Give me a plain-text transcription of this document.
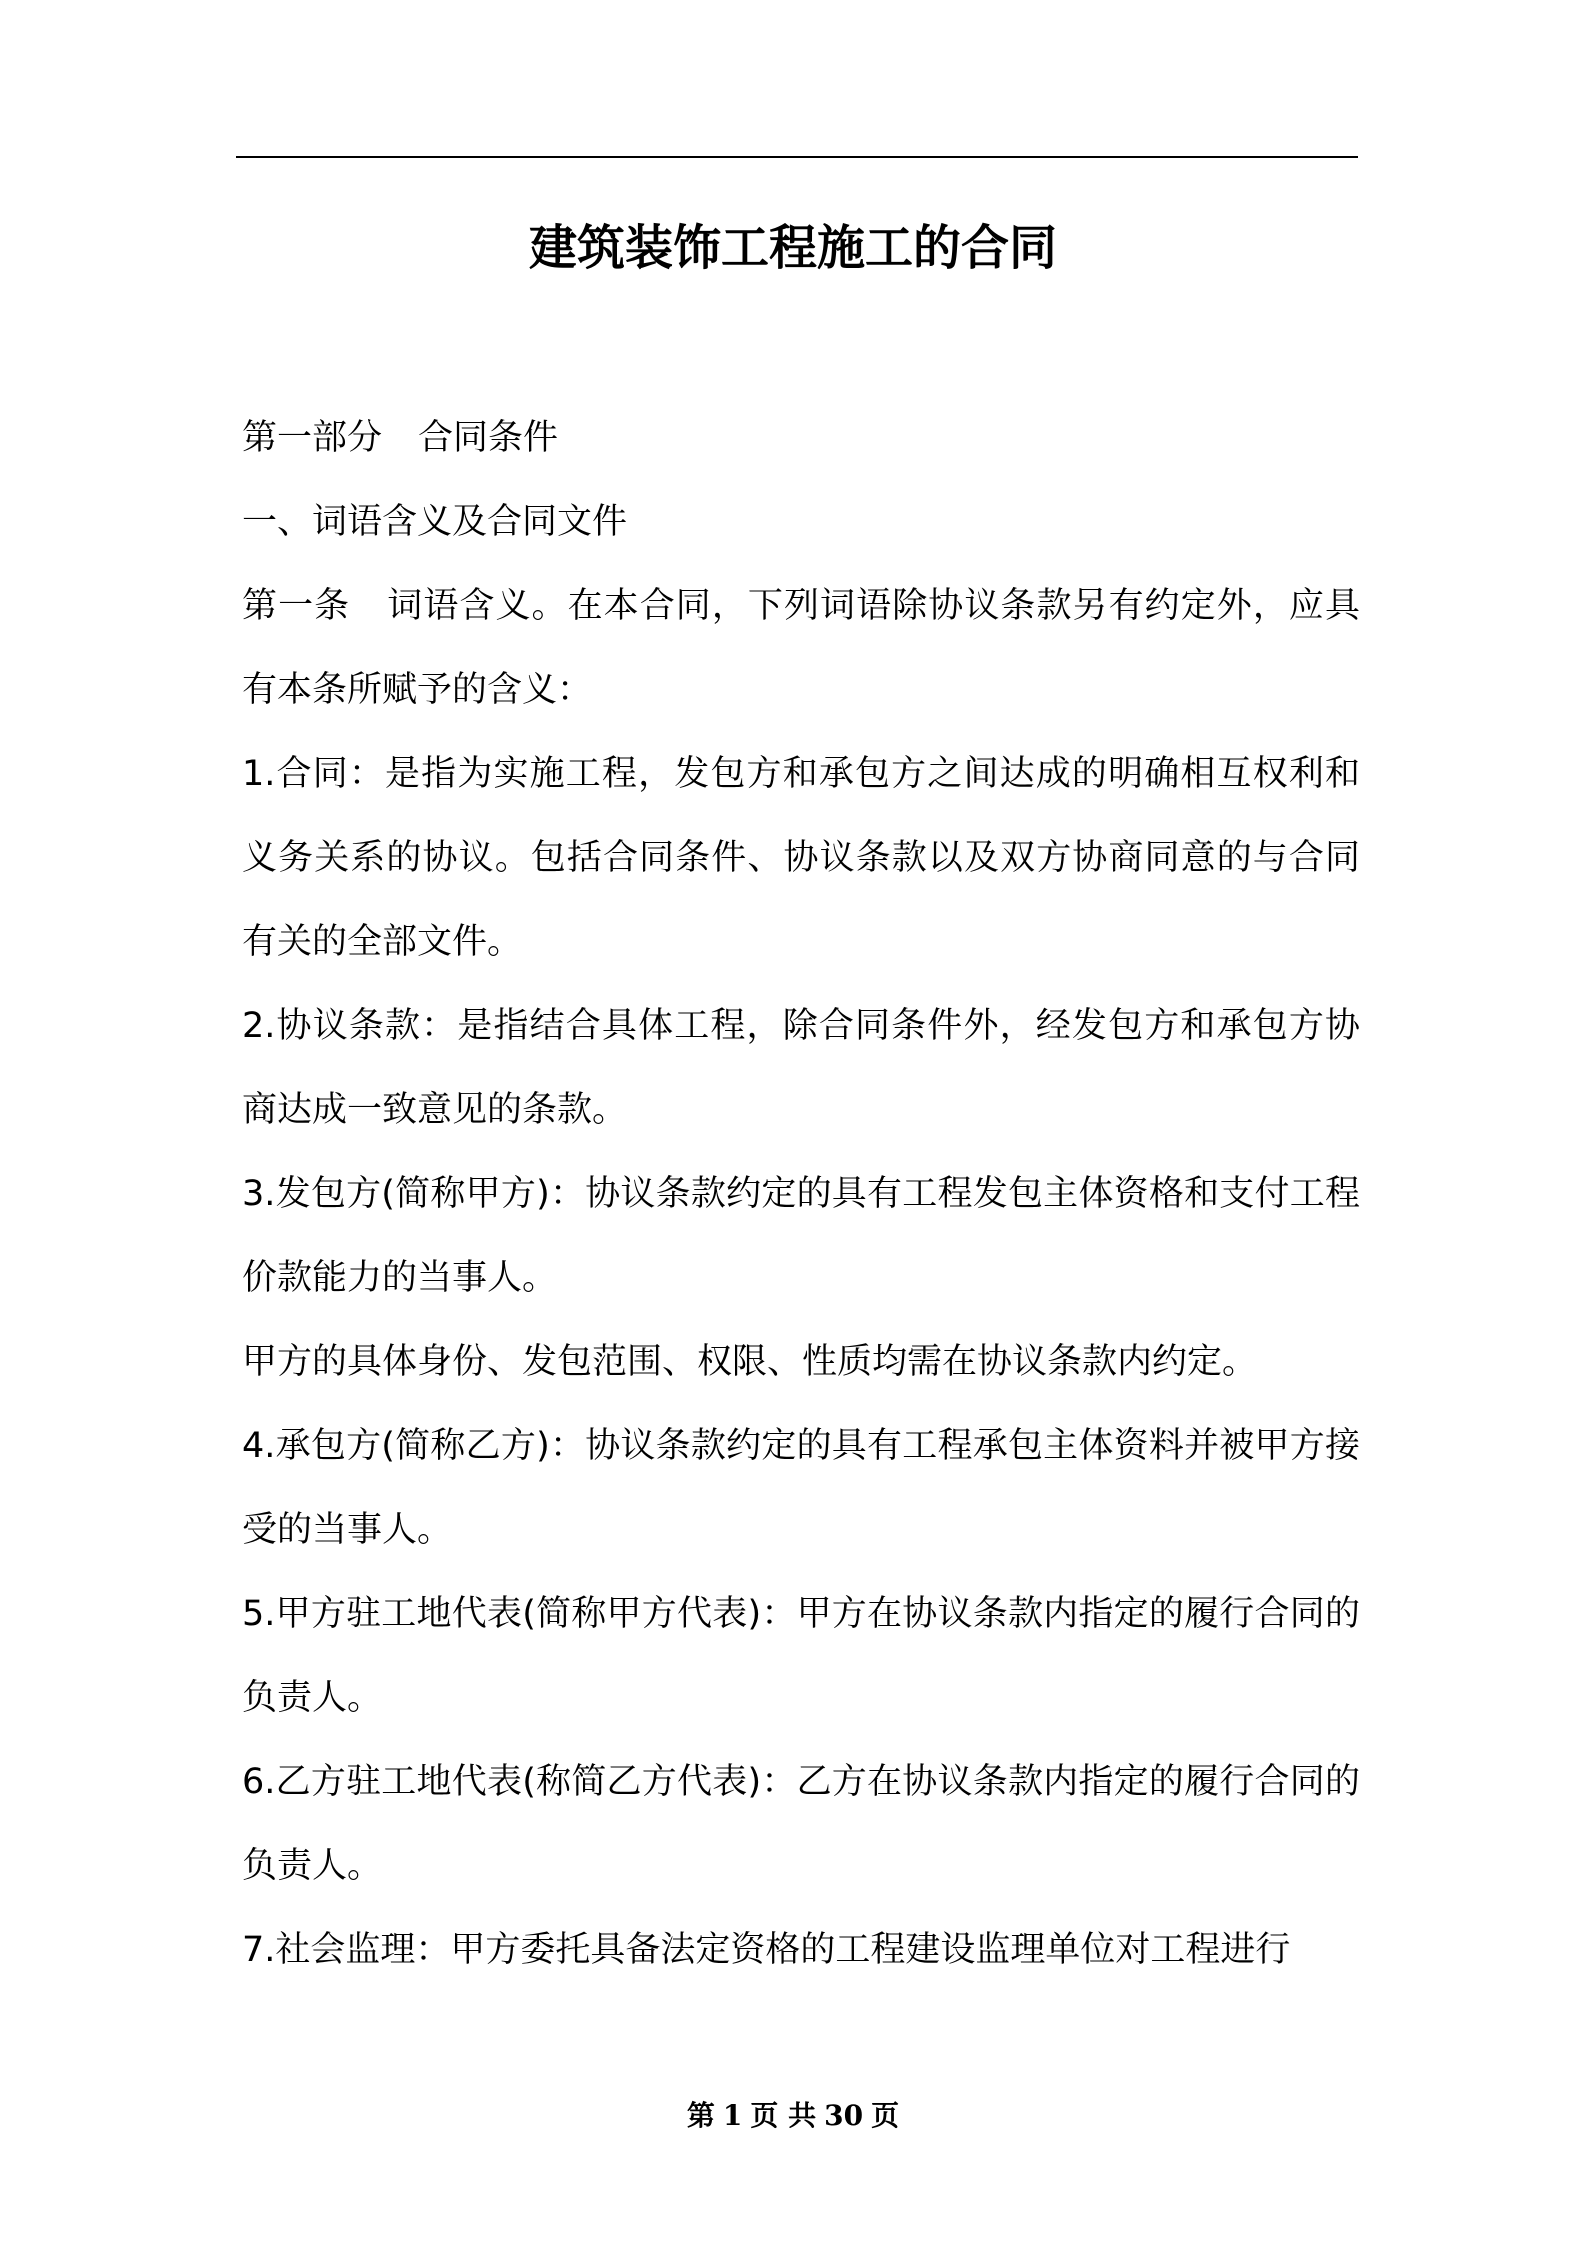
建筑装饰工程施工的合同

第一部分 合同条件

一、词语含义及合同文件

第一条 词语含义。在本合同，下列词语除协议条款另有约定外，应具有本条所赋予的含义：

1.合同：是指为实施工程，发包方和承包方之间达成的明确相互权利和义务关系的协议。包括合同条件、协议条款以及双方协商同意的与合同有关的全部文件。

2.协议条款：是指结合具体工程，除合同条件外，经发包方和承包方协商达成一致意见的条款。

3.发包方(简称甲方)：协议条款约定的具有工程发包主体资格和支付工程价款能力的当事人。

甲方的具体身份、发包范围、权限、性质均需在协议条款内约定。

4.承包方(简称乙方)：协议条款约定的具有工程承包主体资料并被甲方接受的当事人。

5.甲方驻工地代表(简称甲方代表)：甲方在协议条款内指定的履行合同的负责人。

6.乙方驻工地代表(称简乙方代表)：乙方在协议条款内指定的履行合同的负责人。

7.社会监理：甲方委托具备法定资格的工程建设监理单位对工程进行

第 1 页 共 30 页
